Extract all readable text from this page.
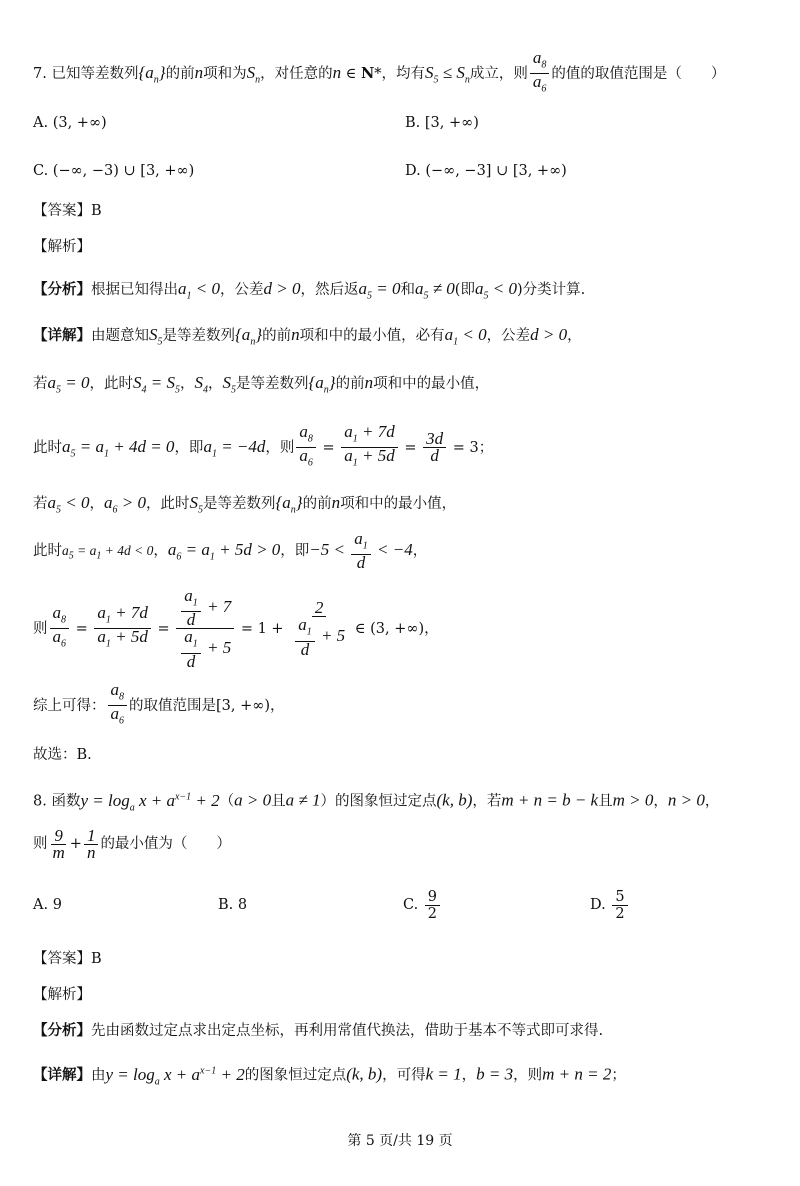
7. 已知等差数列$\{a_n\}$的前n项和为$S_n$，对任意的n ∈ N*，均有$S_5 \le S_n$成立，则 $\frac{a_8}{a_6}$ 的值的取值范围是（　　）
A. (3, +∞)	B. [3, +∞)
C. (−∞, −3) ∪ [3, +∞)	D. (−∞, −3] ∪ [3, +∞)
【答案】B
【解析】
【分析】根据已知得出$a_1 < 0$，公差d > 0，然后返$a_5 = 0$和$a_5 \ne 0$(即$a_5 < 0$)分类计算.
【详解】由题意知$S_5$是等差数列$\{a_n\}$的前n项和中的最小值，必有$a_1 < 0$，公差d > 0，
若$a_5 = 0$，此时$S_4 = S_5$，$S_4$，$S_5$是等差数列$\{a_n\}$的前n项和中的最小值，
此时$a_5 = a_1 + 4d = 0$，即$a_1 = -4d$，则 $\frac{a_8}{a_6} = \frac{a_1 + 7d}{a_1 + 5d} = \frac{3d}{d} = 3$；
若$a_5 < 0$，$a_6 > 0$，此时$S_5$是等差数列$\{a_n\}$的前n项和中的最小值，
此时$a_5 = a_1 + 4d < 0$，$a_6 = a_1 + 5d > 0$，即$-5 < \frac{a_1}{d} < -4$，
则 $\frac{a_8}{a_6} = \frac{a_1 + 7d}{a_1 + 5d} = \frac{\frac{a_1}{d} + 7}{\frac{a_1}{d} + 5} = 1 + \frac{2}{\frac{a_1}{d} + 5}$ ∈ (3, +∞)，
综上可得： $\frac{a_8}{a_6}$ 的取值范围是[3, +∞)，
故选：B.
8. 函数$y = \log_a x + a^{x-1} + 2(a > 0$且a ≠ 1）的图象恒过定点(k, b)，若m + n = b − k且m > 0，n > 0，
则 $\frac{9}{m} + \frac{1}{n}$ 的最小值为（　　）
A. 9	B. 8	C. $\frac{9}{2}$	D. $\frac{5}{2}$
【答案】B
【解析】
【分析】先由函数过定点求出定点坐标，再利用常值代换法，借助于基本不等式即可求得.
【详解】由$y = \log_a x + a^{x-1} + 2$的图象恒过定点(k, b)，可得k = 1，b = 3，则m + n = 2；
第 5 页/共 19 页
